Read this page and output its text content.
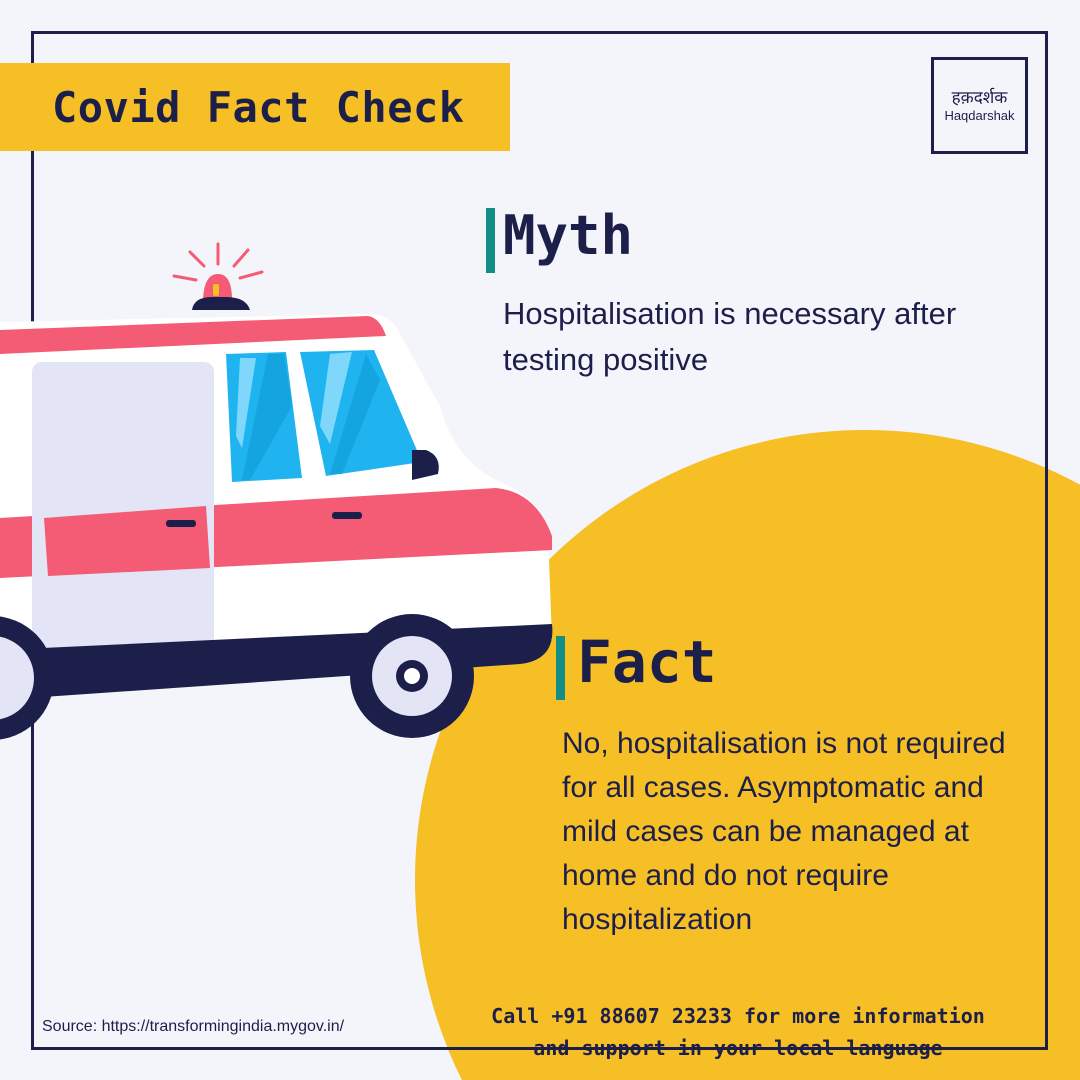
Covid Fact Check	हक़दर्शक
Haqdarshak
Myth
Hospitalisation is necessary after
testing positive
Fact
No, hospitalisation is not required
for all cases. Asymptomatic and
mild cases can be managed at
home and do not require
hospitalization
Source: https://transformingindia.mygov.in/	Call +91 88607 23233 for more information
and support in your local language
